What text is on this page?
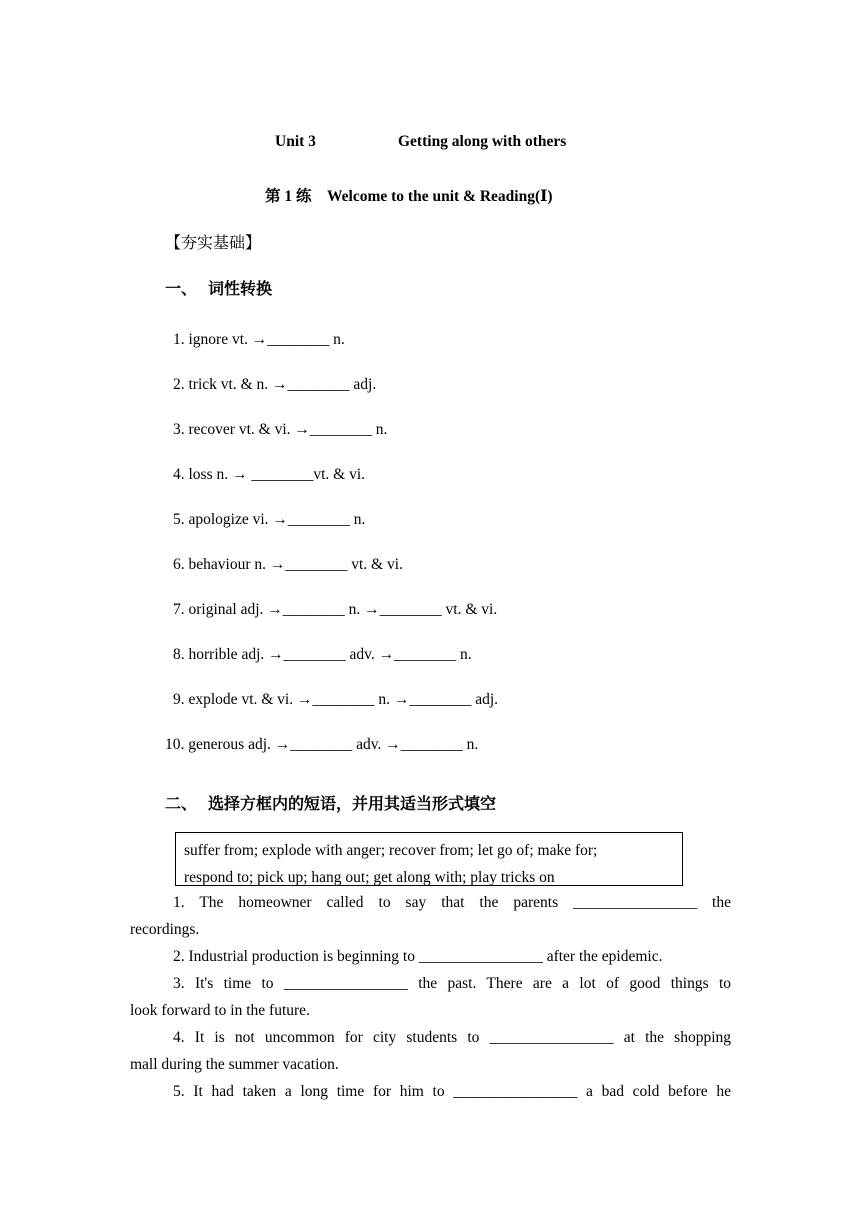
Unit 3	Getting along with others
第 1 练　Welcome to the unit & Reading(Ⅰ)
【夯实基础】
一、 词性转换
1. ignore vt. →________ n.
2. trick vt. & n. →________ adj.
3. recover vt. & vi. →________ n.
4. loss n. → ________vt. & vi.
5. apologize vi. →________ n.
6. behaviour n. →________ vt. & vi.
7. original adj. →________ n. →________ vt. & vi.
8. horrible adj. →________ adv. →________ n.
9. explode vt. & vi. →________ n. →________ adj.
10. generous adj. →________ adv. →________ n.
二、 选择方框内的短语，并用其适当形式填空
suffer from; explode with anger; recover from; let go of; make for;
respond to; pick up; hang out; get along with; play tricks on
1. The homeowner called to say that the parents ________________ the
recordings.
2. Industrial production is beginning to ________________ after the epidemic.
3. It's time to ________________ the past. There are a lot of good things to
look forward to in the future.
4. It is not uncommon for city students to ________________ at the shopping
mall during the summer vacation.
5. It had taken a long time for him to ________________ a bad cold before he
